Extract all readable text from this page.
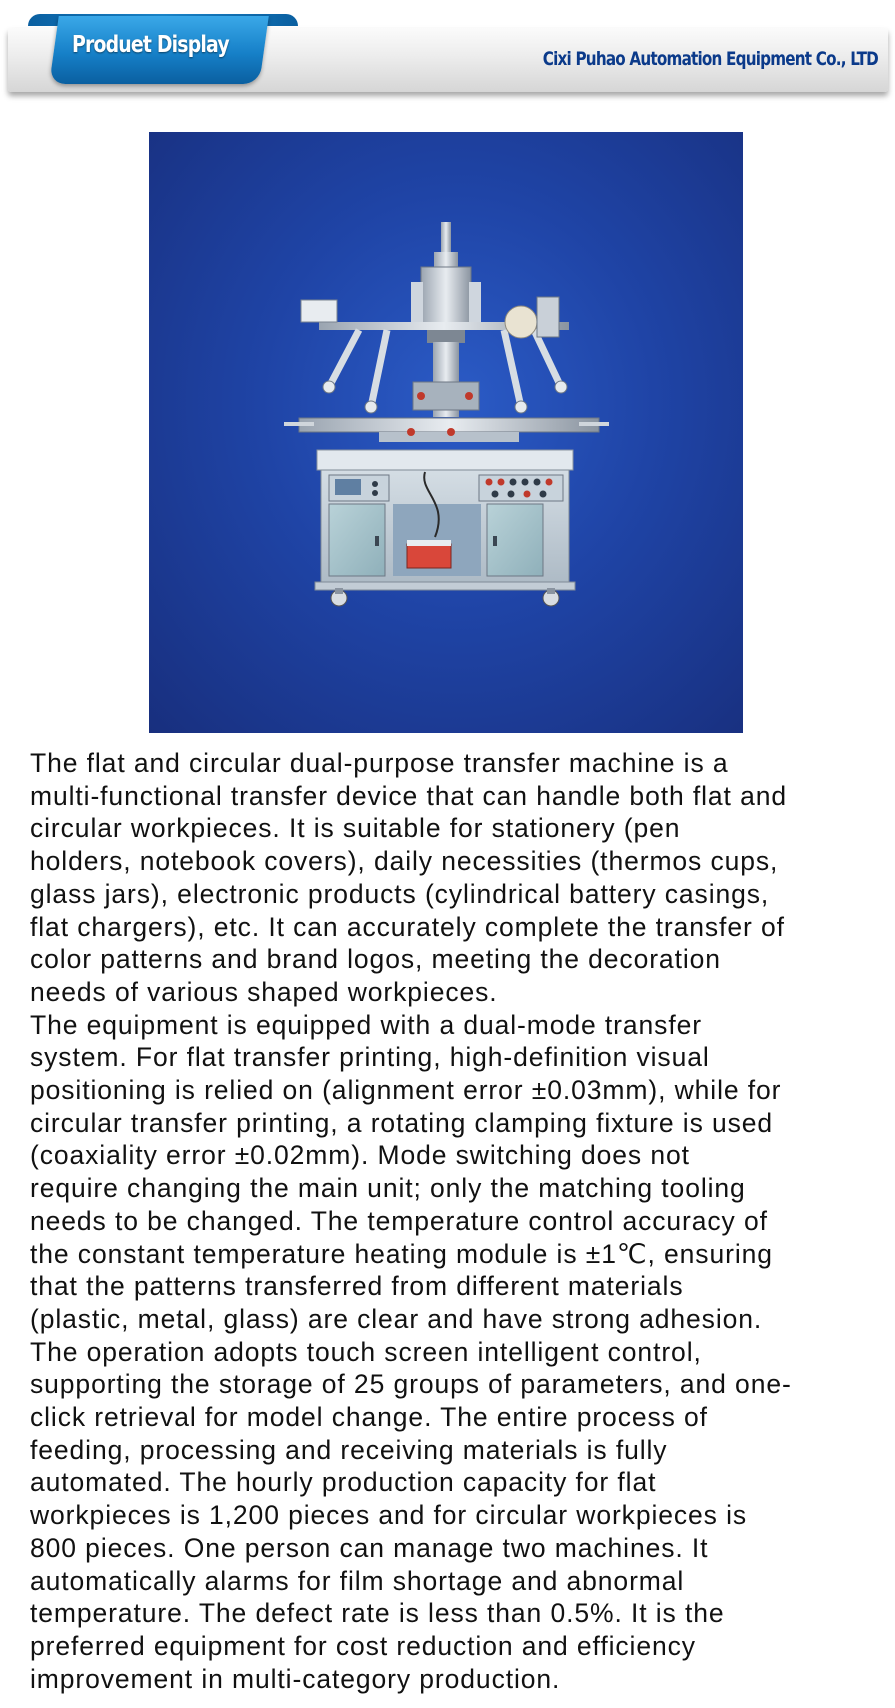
Produet Display
Cixi Puhao Automation Equipment Co., LTD

The flat and circular dual-purpose transfer machine is a
multi-functional transfer device that can handle both flat and
circular workpieces. It is suitable for stationery (pen
holders, notebook covers), daily necessities (thermos cups,
glass jars), electronic products (cylindrical battery casings,
flat chargers), etc. It can accurately complete the transfer of
color patterns and brand logos, meeting the decoration
needs of various shaped workpieces.
The equipment is equipped with a dual-mode transfer
system. For flat transfer printing, high-definition visual
positioning is relied on (alignment error ±0.03mm), while for
circular transfer printing, a rotating clamping fixture is used
(coaxiality error ±0.02mm). Mode switching does not
require changing the main unit; only the matching tooling
needs to be changed. The temperature control accuracy of
the constant temperature heating module is ±1℃, ensuring
that the patterns transferred from different materials
(plastic, metal, glass) are clear and have strong adhesion.
The operation adopts touch screen intelligent control,
supporting the storage of 25 groups of parameters, and one-
click retrieval for model change. The entire process of
feeding, processing and receiving materials is fully
automated. The hourly production capacity for flat
workpieces is 1,200 pieces and for circular workpieces is
800 pieces. One person can manage two machines. It
automatically alarms for film shortage and abnormal
temperature. The defect rate is less than 0.5%. It is the
preferred equipment for cost reduction and efficiency
improvement in multi-category production.
